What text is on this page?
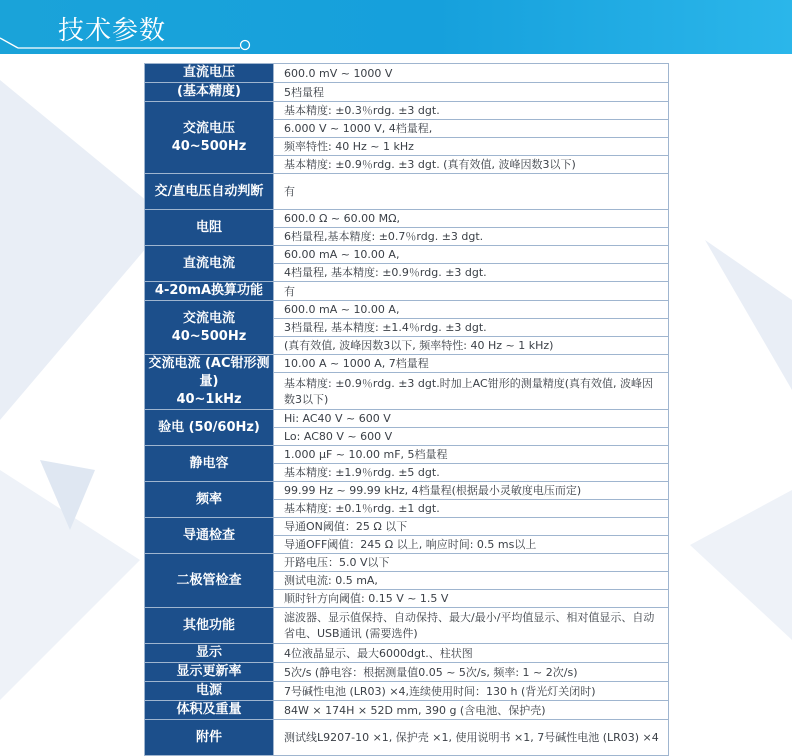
技术参数
直流电压	600.0 mV ~ 1000 V
(基本精度)	5档量程
交流电压
40~500Hz	基本精度: ±0.3％rdg. ±3 dgt.
	6.000 V ~ 1000 V, 4档量程,
	频率特性: 40 Hz ~ 1 kHz
	基本精度: ±0.9％rdg. ±3 dgt. (真有效值, 波峰因数3以下)
交/直电压自动判断	有
电阻	600.0 Ω ~ 60.00 MΩ,
	6档量程,基本精度: ±0.7％rdg. ±3 dgt.
直流电流	60.00 mA ~ 10.00 A,
	4档量程, 基本精度: ±0.9％rdg. ±3 dgt.
4-20mA换算功能	有
交流电流
40~500Hz	600.0 mA ~ 10.00 A,
	3档量程, 基本精度: ±1.4％rdg. ±3 dgt.
	(真有效值, 波峰因数3以下, 频率特性: 40 Hz ~ 1 kHz)
交流电流 (AC钳形测量)
40~1kHz	10.00 A ~ 1000 A, 7档量程
	基本精度: ±0.9％rdg. ±3 dgt.时加上AC钳形的测量精度(真有效值, 波峰因数3以下)
验电 (50/60Hz)	Hi: AC40 V ~ 600 V
	Lo: AC80 V ~ 600 V
静电容	1.000 μF ~ 10.00 mF, 5档量程
	基本精度: ±1.9％rdg. ±5 dgt.
频率	99.99 Hz ~ 99.99 kHz, 4档量程(根据最小灵敏度电压而定)
	基本精度: ±0.1％rdg. ±1 dgt.
导通检查	导通ON阈值：25 Ω 以下
	导通OFF阈值：245 Ω 以上, 响应时间: 0.5 ms以上
二极管检查	开路电压：5.0 V以下
	测试电流: 0.5 mA,
	顺时针方向阈值: 0.15 V ~ 1.5 V
其他功能	滤波器、显示值保持、自动保持、最大/最小/平均值显示、相对值显示、自动省电、USB通讯 (需要选件)
显示	4位液晶显示、最大6000dgt.、柱状图
显示更新率	5次/s (静电容：根据测量值0.05 ~ 5次/s, 频率: 1 ~ 2次/s)
电源	7号碱性电池 (LR03) ×4,连续使用时间：130 h (背光灯关闭时)
体积及重量	84W × 174H × 52D mm, 390 g (含电池、保护壳)
附件	测试线L9207-10 ×1, 保护壳 ×1, 使用说明书 ×1, 7号碱性电池 (LR03) ×4
